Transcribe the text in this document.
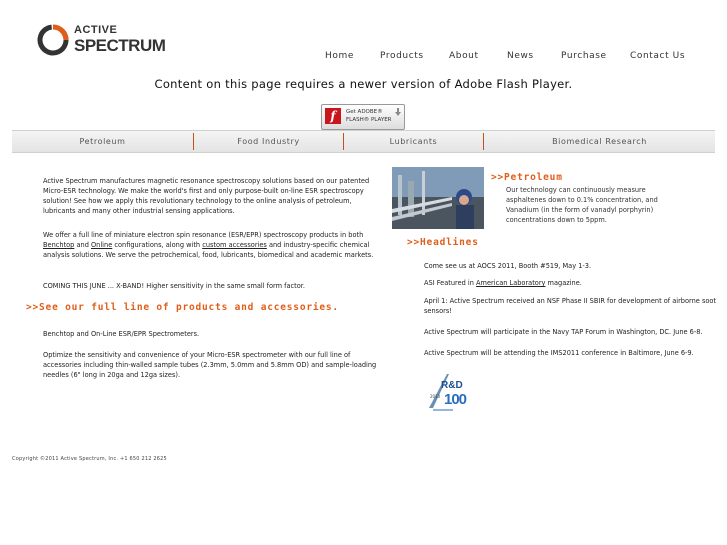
ACTIVE
SPECTRUM
Home	Products	About	News	Purchase	Contact Us
Content on this page requires a newer version of Adobe Flash Player.
f	Get ADOBE®
FLASH® PLAYER
Petroleum	Food Industry	Lubricants	Biomedical Research
Active Spectrum manufactures magnetic resonance spectroscopy solutions based on our patented Micro-ESR technology. We make the world's first and only purpose-built on-line ESR spectroscopy solution! See how we apply this revolutionary technology to the online analysis of petroleum, lubricants and many other industrial sensing applications.
We offer a full line of miniature electron spin resonance (ESR/EPR) spectroscopy products in both Benchtop and Online configurations, along with custom accessories and industry-specific chemical analysis solutions. We serve the petrochemical, food, lubricants, biomedical and academic markets.
COMING THIS JUNE ... X-BAND! Higher sensitivity in the same small form factor.
>>See our full line of products and accessories.
Benchtop and On-Line ESR/EPR Spectrometers.
Optimize the sensitivity and convenience of your Micro-ESR spectrometer with our full line of accessories including thin-walled sample tubes (2.3mm, 5.0mm and 5.8mm OD) and sample-loading needles (6" long in 20ga and 12ga sizes).
>>Petroleum
Our technology can continuously measure asphaltenes down to 0.1% concentration, and Vanadium (in the form of vanadyl porphyrin) concentrations down to 5ppm.
>>Headlines
Come see us at AOCS 2011, Booth #519, May 1-3.
ASI Featured in American Laboratory magazine.
April 1: Active Spectrum received an NSF Phase II SBIR for development of airborne soot sensors!
Active Spectrum will participate in the Navy TAP Forum in Washington, DC. June 6-8.
Active Spectrum will be attending the IMS2011 conference in Baltimore, June 6-9.
R&D
2010 100
Copyright ©2011 Active Spectrum, Inc. +1 650 212 2625
